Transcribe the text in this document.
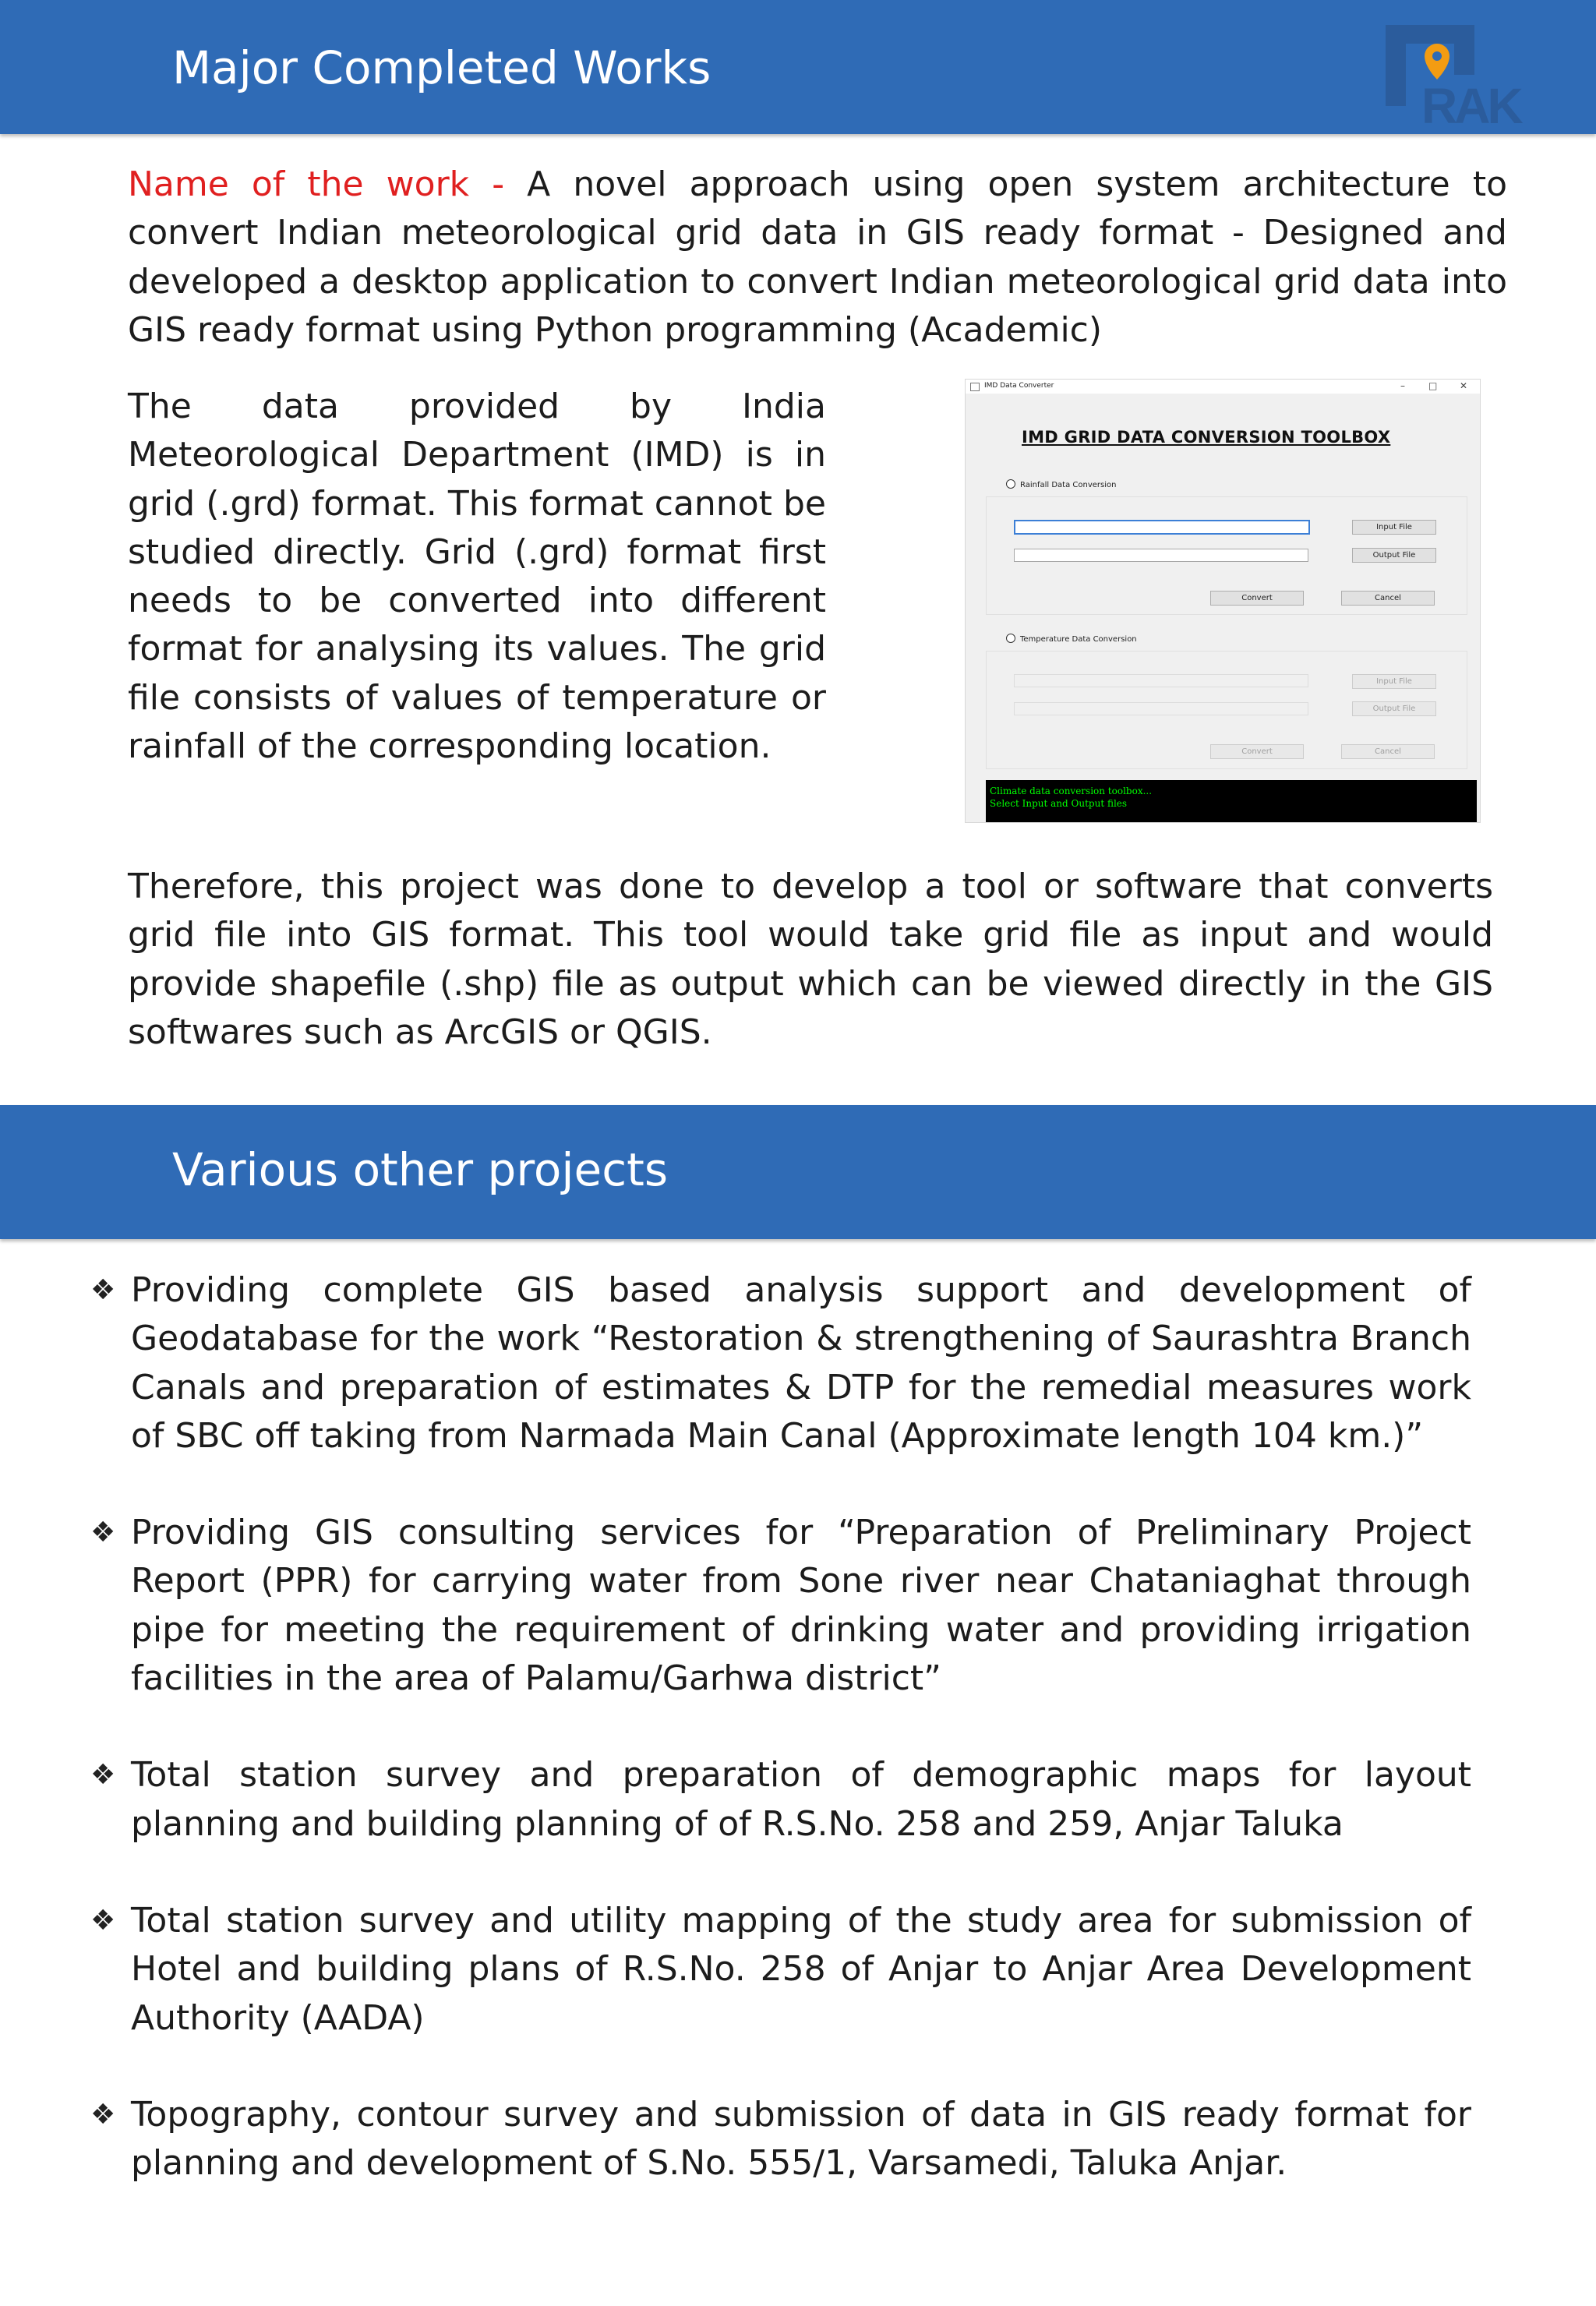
Major Completed Works
RAK

Name of the work - A novel approach using open system architecture to convert Indian meteorological grid data in GIS ready format - Designed and developed a desktop application to convert Indian meteorological grid data into GIS ready format using Python programming (Academic)

The data provided by India Meteorological Department (IMD) is in grid (.grd) format. This format cannot be studied directly. Grid (.grd) format first needs to be converted into different format for analysing its values. The grid file consists of values of temperature or rainfall of the corresponding location.

IMD Data Converter	–	□ ✕
IMD GRID DATA CONVERSION TOOLBOX
Rainfall Data Conversion
Input File
Output File
Convert	Cancel
Temperature Data Conversion
Input File
Output File
Convert	Cancel
Climate data conversion toolbox...
Select Input and Output files

Therefore, this project was done to develop a tool or software that converts grid file into GIS format. This tool would take grid file as input and would provide shapefile (.shp) file as output which can be viewed directly in the GIS softwares such as ArcGIS or QGIS.

Various other projects
❖ Providing complete GIS based analysis support and development of Geodatabase for the work “Restoration & strengthening of Saurashtra Branch Canals and preparation of estimates & DTP for the remedial measures work of SBC off taking from Narmada Main Canal (Approximate length 104 km.)”
❖ Providing GIS consulting services for “Preparation of Preliminary Project Report (PPR) for carrying water from Sone river near Chataniaghat through pipe for meeting the requirement of drinking water and providing irrigation facilities in the area of Palamu/Garhwa district”
❖ Total station survey and preparation of demographic maps for layout planning and building planning of of R.S.No. 258 and 259, Anjar Taluka
❖ Total station survey and utility mapping of the study area for submission of Hotel and building plans of R.S.No. 258 of Anjar to Anjar Area Development Authority (AADA)
❖ Topography, contour survey and submission of data in GIS ready format for planning and development of S.No. 555/1, Varsamedi, Taluka Anjar.
